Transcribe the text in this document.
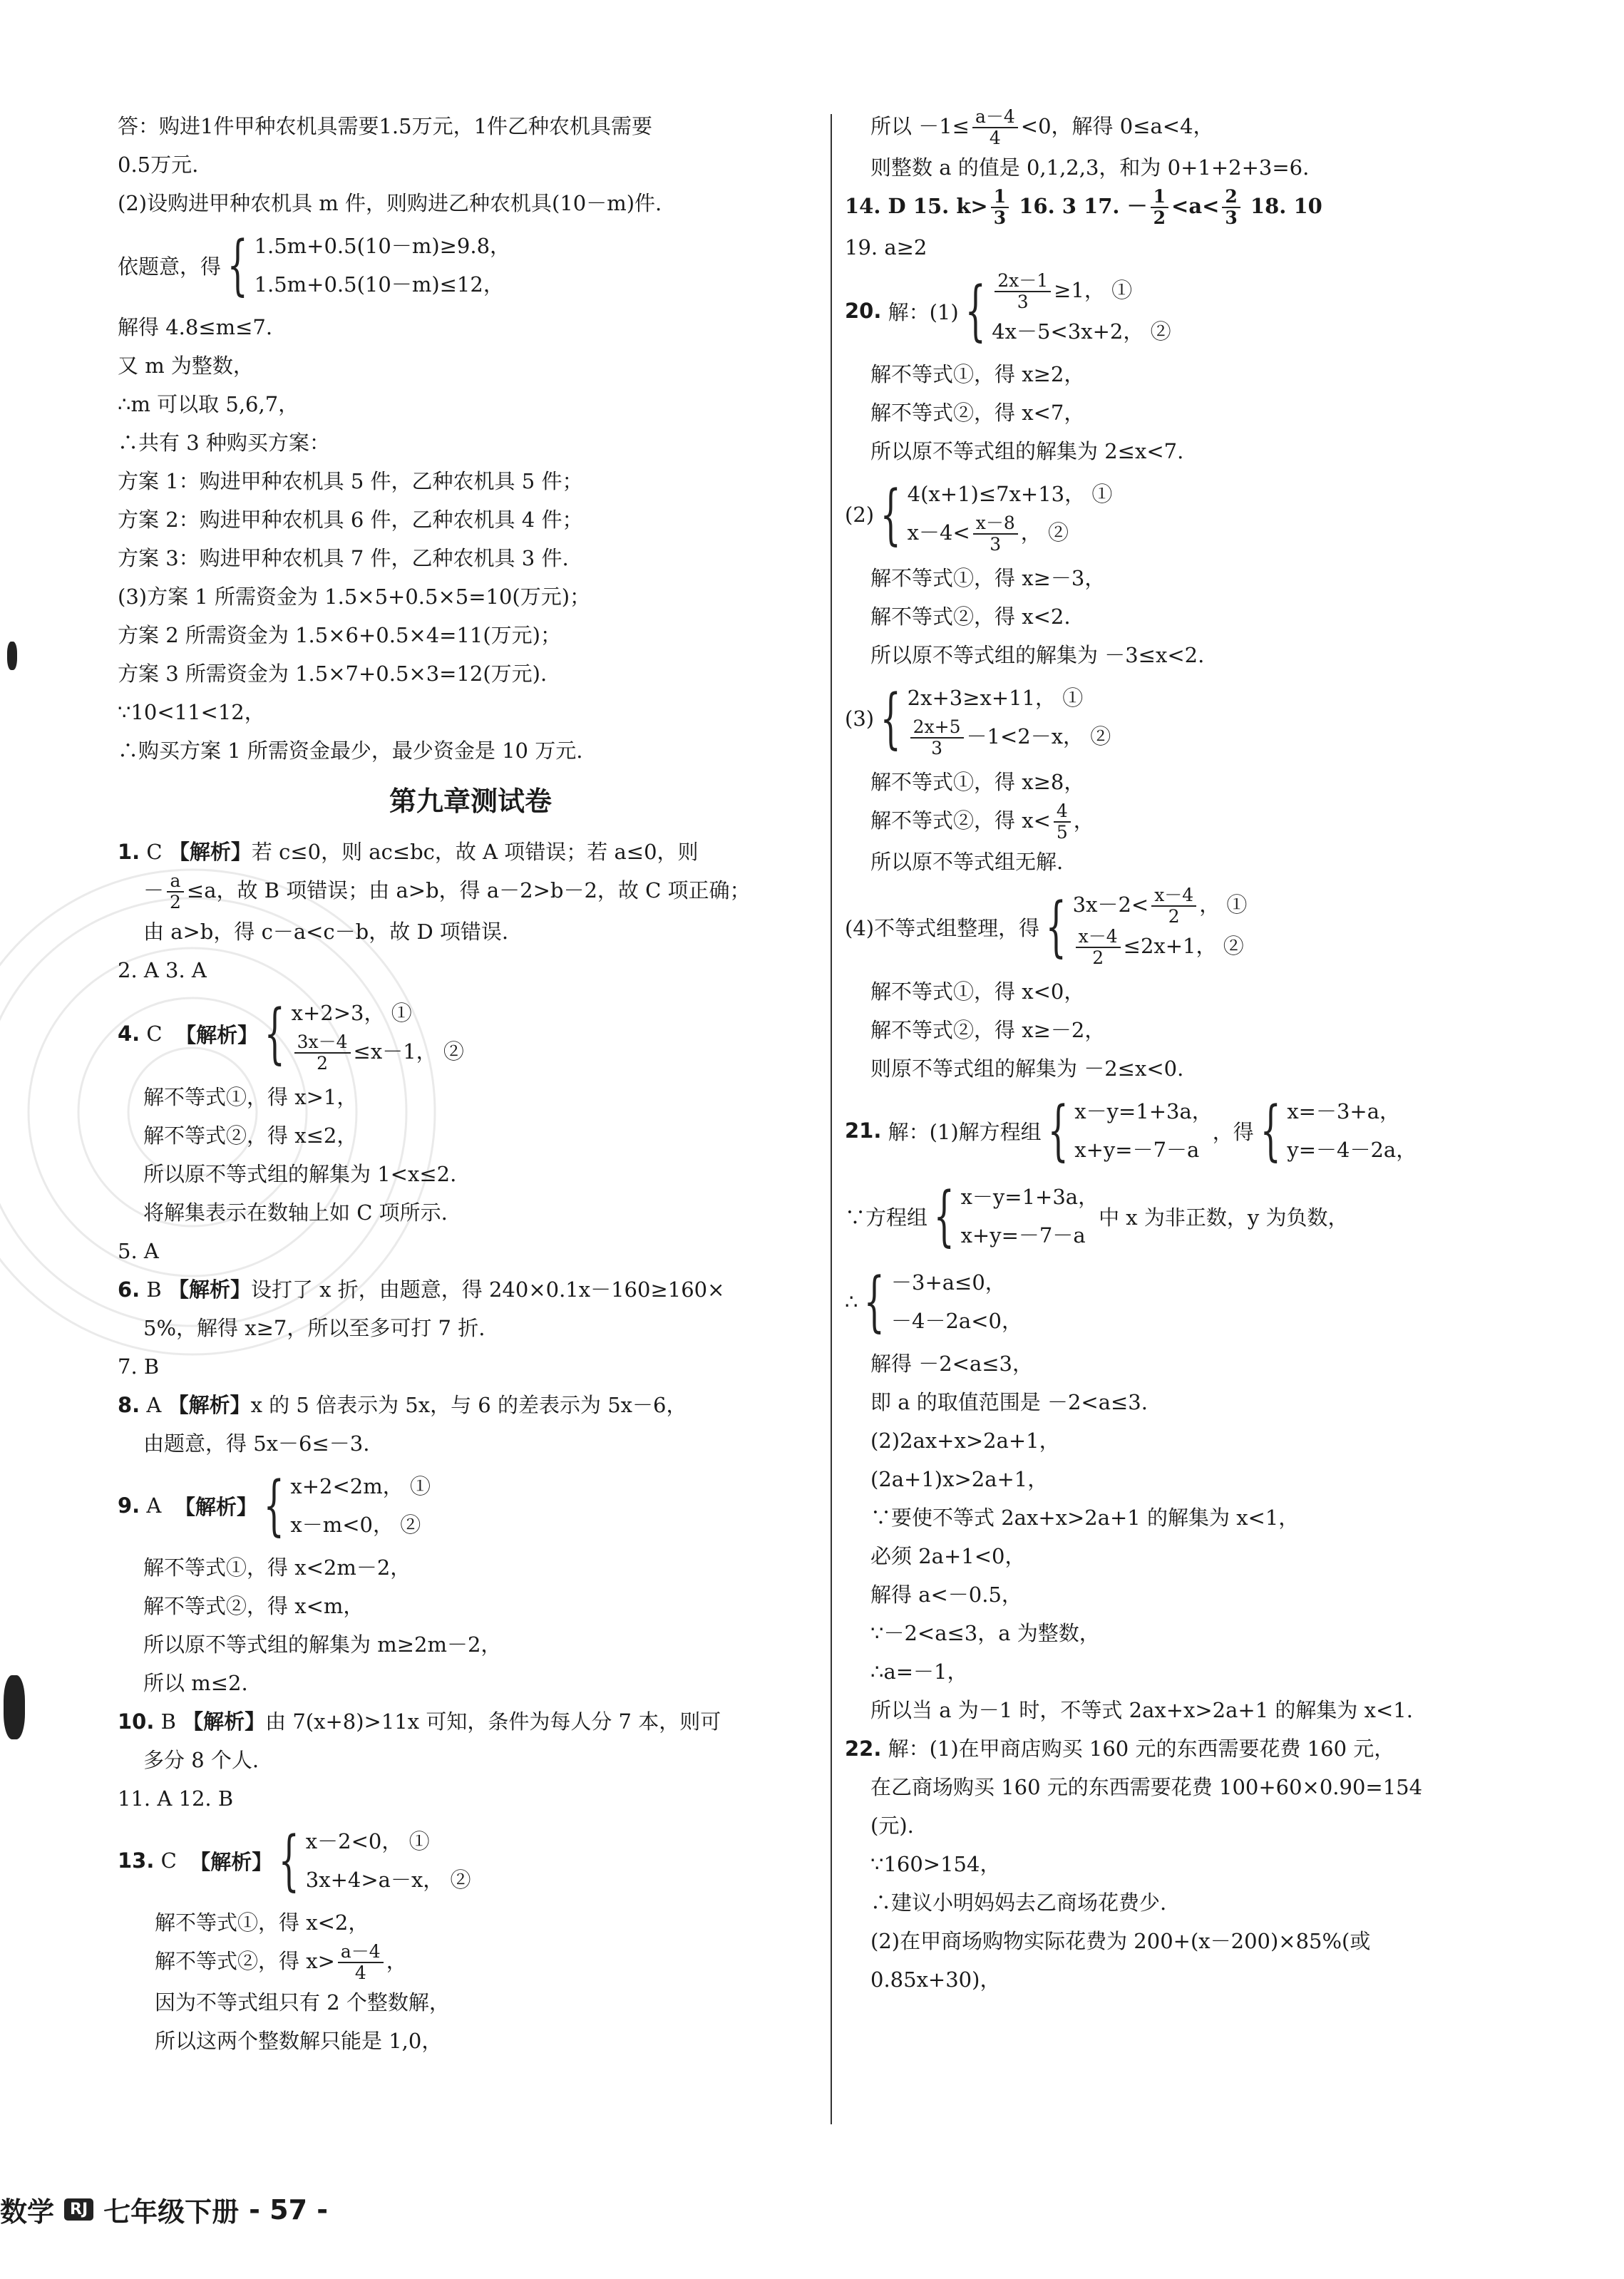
答：购进1件甲种农机具需要1.5万元，1件乙种农机具需要
0.5万元.
(2)设购进甲种农机具 m 件，则购进乙种农机具(10－m)件.
依题意，得 { 1.5m+0.5(10－m)≥9.8，
1.5m+0.5(10－m)≤12，
解得 4.8≤m≤7.
又 m 为整数，
∴m 可以取 5,6,7，
∴共有 3 种购买方案：
方案 1：购进甲种农机具 5 件，乙种农机具 5 件；
方案 2：购进甲种农机具 6 件，乙种农机具 4 件；
方案 3：购进甲种农机具 7 件，乙种农机具 3 件.
(3)方案 1 所需资金为 1.5×5+0.5×5=10(万元)；
方案 2 所需资金为 1.5×6+0.5×4=11(万元)；
方案 3 所需资金为 1.5×7+0.5×3=12(万元).
∵10<11<12，
∴购买方案 1 所需资金最少，最少资金是 10 万元.
第九章测试卷
1. C 【解析】若 c≤0，则 ac≤bc，故 A 项错误；若 a≤0，则
－ $\frac{a}{2} \le a$，故 B 项错误；由 a>b，得 a－2>b－2，故 C 项正确；
由 a>b，得 c－a<c－b，故 D 项错误.
2. A 3. A
4.
C
【解析】 { x+2>3， ①
$\frac{3x-4}{2} \le x-1$， ②
解不等式①，得 x>1，
解不等式②，得 x≤2，
所以原不等式组的解集为 1<x≤2.
将解集表示在数轴上如 C 项所示.
5. A
6. B 【解析】设打了 x 折，由题意，得 240×0.1x－160≥160×
5%，解得 x≥7，所以至多可打 7 折.
7. B
8. A 【解析】x 的 5 倍表示为 5x，与 6 的差表示为 5x－6，
由题意，得 5x－6≤－3.
9.
A
【解析】 { x+2<2m， ①
x－m<0， ②
解不等式①，得 x<2m－2，
解不等式②，得 x<m，
所以原不等式组的解集为 m≥2m－2，
所以 m≤2.
10. B 【解析】由 7(x+8)>11x 可知，条件为每人分 7 本，则可
多分 8 个人.
11. A 12. B
13.
C
【解析】 { x－2<0， ①
3x+4>a－x， ②
解不等式①，得 x<2，
解不等式②，得 $x> \frac{a-4}{4}$ ，
因为不等式组只有 2 个整数解，
所以这两个整数解只能是 1,0，
所以 $-1\le \frac{a-4}{4} <0$，解得 0≤a<4，
则整数 a 的值是 0,1,2,3，和为 0+1+2+3=6.
14. D 15. $k> \frac{1}{3} 16$. 3 17. － $\frac{1}{2} <a< \frac{2}{3} 18$. 10
19. a≥2
20.
解：(1) { $\frac{2x-1}{3} \ge 1$， ①
4x－5<3x+2， ②
解不等式①，得 x≥2，
解不等式②，得 x<7，
所以原不等式组的解集为 2≤x<7.
(2) { 4(x+1)≤7x+13， ①
$x-4< \frac{x-8}{3}$ ， ②
解不等式①，得 x≥－3，
解不等式②，得 x<2.
所以原不等式组的解集为 －3≤x<2.
(3) { 2x+3≥x+11， ①
$\frac{2x+5}{3} -1<2-x$， ②
解不等式①，得 x≥8，
解不等式②，得 $x< \frac{4}{5}$ ，
所以原不等式组无解.
(4)不等式组整理，得 { $3x-2< \frac{x-4}{2}$ ， ①
$\frac{x-4}{2} \le 2x+1$， ②
解不等式①，得 x<0，
解不等式②，得 x≥－2，
则原不等式组的解集为 －2≤x<0.
21.
解：(1)解方程组 { x－y=1+3a，
x+y=－7－a
，得 { x=－3+a，
y=－4－2a，
∵方程组 { x－y=1+3a，
x+y=－7－a
中 x 为非正数，y 为负数，
∴ { －3+a≤0，
－4－2a<0，
解得 －2<a≤3，
即 a 的取值范围是 －2<a≤3.
(2)2ax+x>2a+1，
(2a+1)x>2a+1，
∵要使不等式 2ax+x>2a+1 的解集为 x<1，
必须 2a+1<0，
解得 a<－0.5，
∵－2<a≤3，a 为整数，
∴a=－1，
所以当 a 为－1 时，不等式 2ax+x>2a+1 的解集为 x<1.
22. 解：(1)在甲商店购买 160 元的东西需要花费 160 元，
在乙商场购买 160 元的东西需要花费 100+60×0.90=154
(元).
∵160>154，
∴建议小明妈妈去乙商场花费少.
(2)在甲商场购物实际花费为 200+(x－200)×85%(或
0.85x+30)，
数学	RJ 七年级下册 - 57 -
